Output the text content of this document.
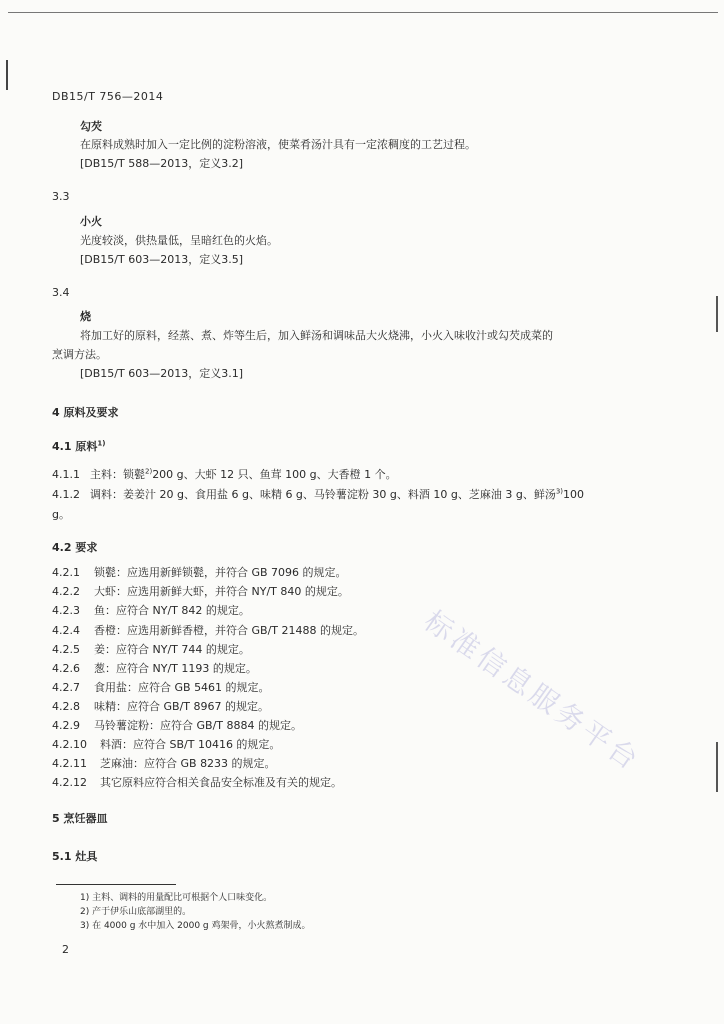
DB15/T 756—2014
勾芡
在原料成熟时加入一定比例的淀粉溶液，使菜肴汤汁具有一定浓稠度的工艺过程。
[DB15/T 588—2013，定义3.2]
3.3
小火
光度较淡，供热量低，呈暗红色的火焰。
[DB15/T 603—2013，定义3.5]
3.4
烧
将加工好的原料，经蒸、煮、炸等生后，加入鲜汤和调味品大火烧沸，小火入味收汁或勾芡成菜的
烹调方法。
[DB15/T 603—2013，定义3.1]
4 原料及要求
4.1 原料$^{1)}$
4.1.1 主料：锁甏$^{2)}$200 g、大虾 12 只、鱼茸 100 g、大香橙 1 个。
4.1.2 调料：姜姜汁 20 g、食用盐 6 g、味精 6 g、马铃薯淀粉 30 g、料酒 10 g、芝麻油 3 g、鲜汤$^{3)}$100
g。
4.2 要求
4.2.1 锁甏：应选用新鲜锁甏，并符合 GB 7096 的规定。
4.2.2 大虾：应选用新鲜大虾，并符合 NY/T 840 的规定。
4.2.3 鱼：应符合 NY/T 842 的规定。
4.2.4 香橙：应选用新鲜香橙，并符合 GB/T 21488 的规定。
4.2.5 姜：应符合 NY/T 744 的规定。
4.2.6 葱：应符合 NY/T 1193 的规定。
4.2.7 食用盐：应符合 GB 5461 的规定。
4.2.8 味精：应符合 GB/T 8967 的规定。
4.2.9 马铃薯淀粉：应符合 GB/T 8884 的规定。
4.2.10 料酒：应符合 SB/T 10416 的规定。
4.2.11 芝麻油：应符合 GB 8233 的规定。
4.2.12 其它原料应符合相关食品安全标准及有关的规定。
5 烹饪器皿
5.1 灶具
1) 主料、调料的用量配比可根据个人口味变化。
2) 产于伊乐山底部湖里的。
3) 在 4000 g 水中加入 2000 g 鸡架骨，小火熬煮制成。
2
标准信息服务平台
